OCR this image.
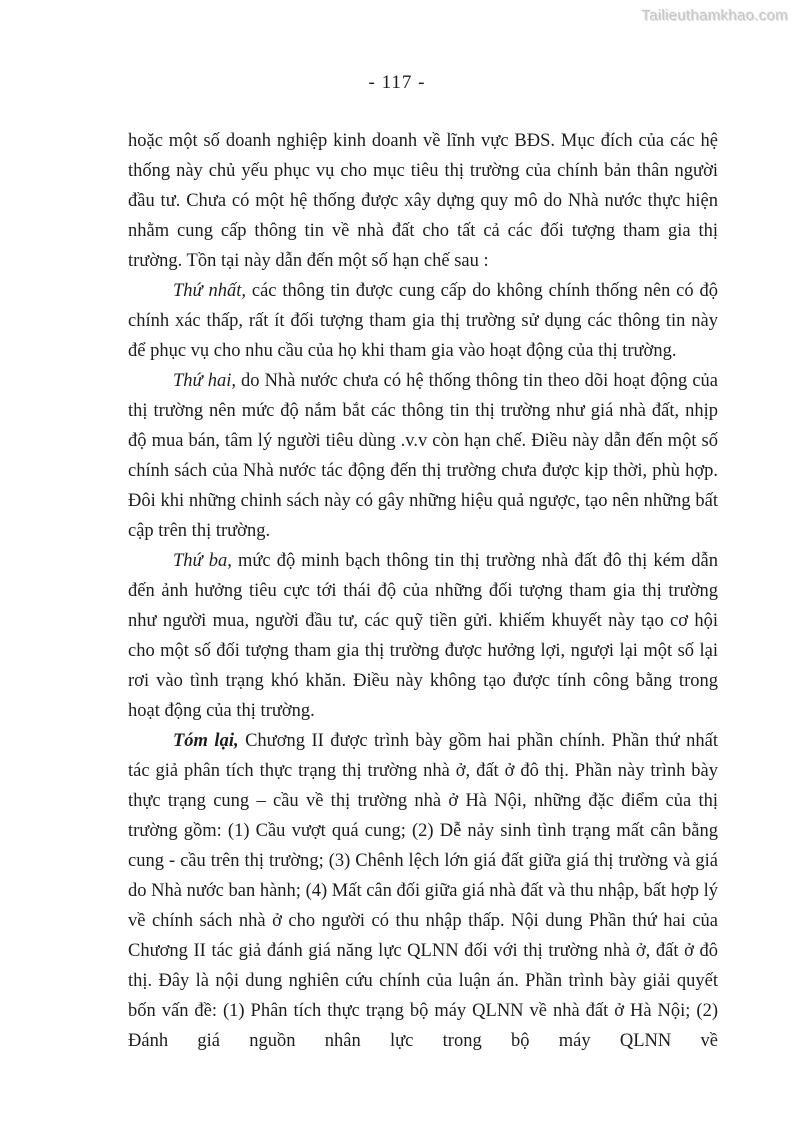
Tailieuthamkhao.com
- 117 -

hoặc một số doanh nghiệp kinh doanh về lĩnh vực BĐS. Mục đích của các hệ thống này chủ yếu phục vụ cho mục tiêu thị trường của chính bản thân người đầu tư. Chưa có một hệ thống được xây dựng quy mô do Nhà nước thực hiện nhằm cung cấp thông tin về nhà đất cho tất cả các đối tượng tham gia thị trường. Tồn tại này dẫn đến một số hạn chế sau :

Thứ nhất, các thông tin được cung cấp do không chính thống nên có độ chính xác thấp, rất ít đối tượng tham gia thị trường sử dụng các thông tin này để phục vụ cho nhu cầu của họ khi tham gia vào hoạt động của thị trường.

Thứ hai, do Nhà nước chưa có hệ thống thông tin theo dõi hoạt động của thị trường nên mức độ nắm bắt các thông tin thị trường như giá nhà đất, nhịp độ mua bán, tâm lý người tiêu dùng .v.v còn hạn chế. Điều này dẫn đến một số chính sách của Nhà nước tác động đến thị trường chưa được kịp thời, phù hợp. Đôi khi những chinh sách này có gây những hiệu quả ngược, tạo nên những bất cập trên thị trường.

Thứ ba, mức độ minh bạch thông tin thị trường nhà đất đô thị kém dẫn đến ảnh hưởng tiêu cực tới thái độ của những đối tượng tham gia thị trường như người mua, người đầu tư, các quỹ tiền gửi. khiếm khuyết này tạo cơ hội cho một số đối tượng tham gia thị trường được hưởng lợi, ngượi lại một số lại rơi vào tình trạng khó khăn. Điều này không tạo được tính công bằng trong hoạt động của thị trường.

Tóm lại, Chương II được trình bày gồm hai phần chính. Phần thứ nhất tác giả phân tích thực trạng thị trường nhà ở, đất ở đô thị. Phần này trình bày thực trạng cung – cầu về thị trường nhà ở Hà Nội, những đặc điểm của thị trường gồm: (1) Cầu vượt quá cung; (2) Dễ nảy sinh tình trạng mất cân bằng cung - cầu trên thị trường; (3) Chênh lệch lớn giá đất giữa giá thị trường và giá do Nhà nước ban hành; (4) Mất cân đối giữa giá nhà đất và thu nhập, bất hợp lý về chính sách nhà ở cho người có thu nhập thấp. Nội dung Phần thứ hai của Chương II tác giả đánh giá năng lực QLNN đối với thị trường nhà ở, đất ở đô thị. Đây là nội dung nghiên cứu chính của luận án. Phần trình bày giải quyết bốn vấn đề: (1) Phân tích thực trạng bộ máy QLNN về nhà đất ở Hà Nội; (2) Đánh giá nguồn nhân lực trong bộ máy QLNN về
